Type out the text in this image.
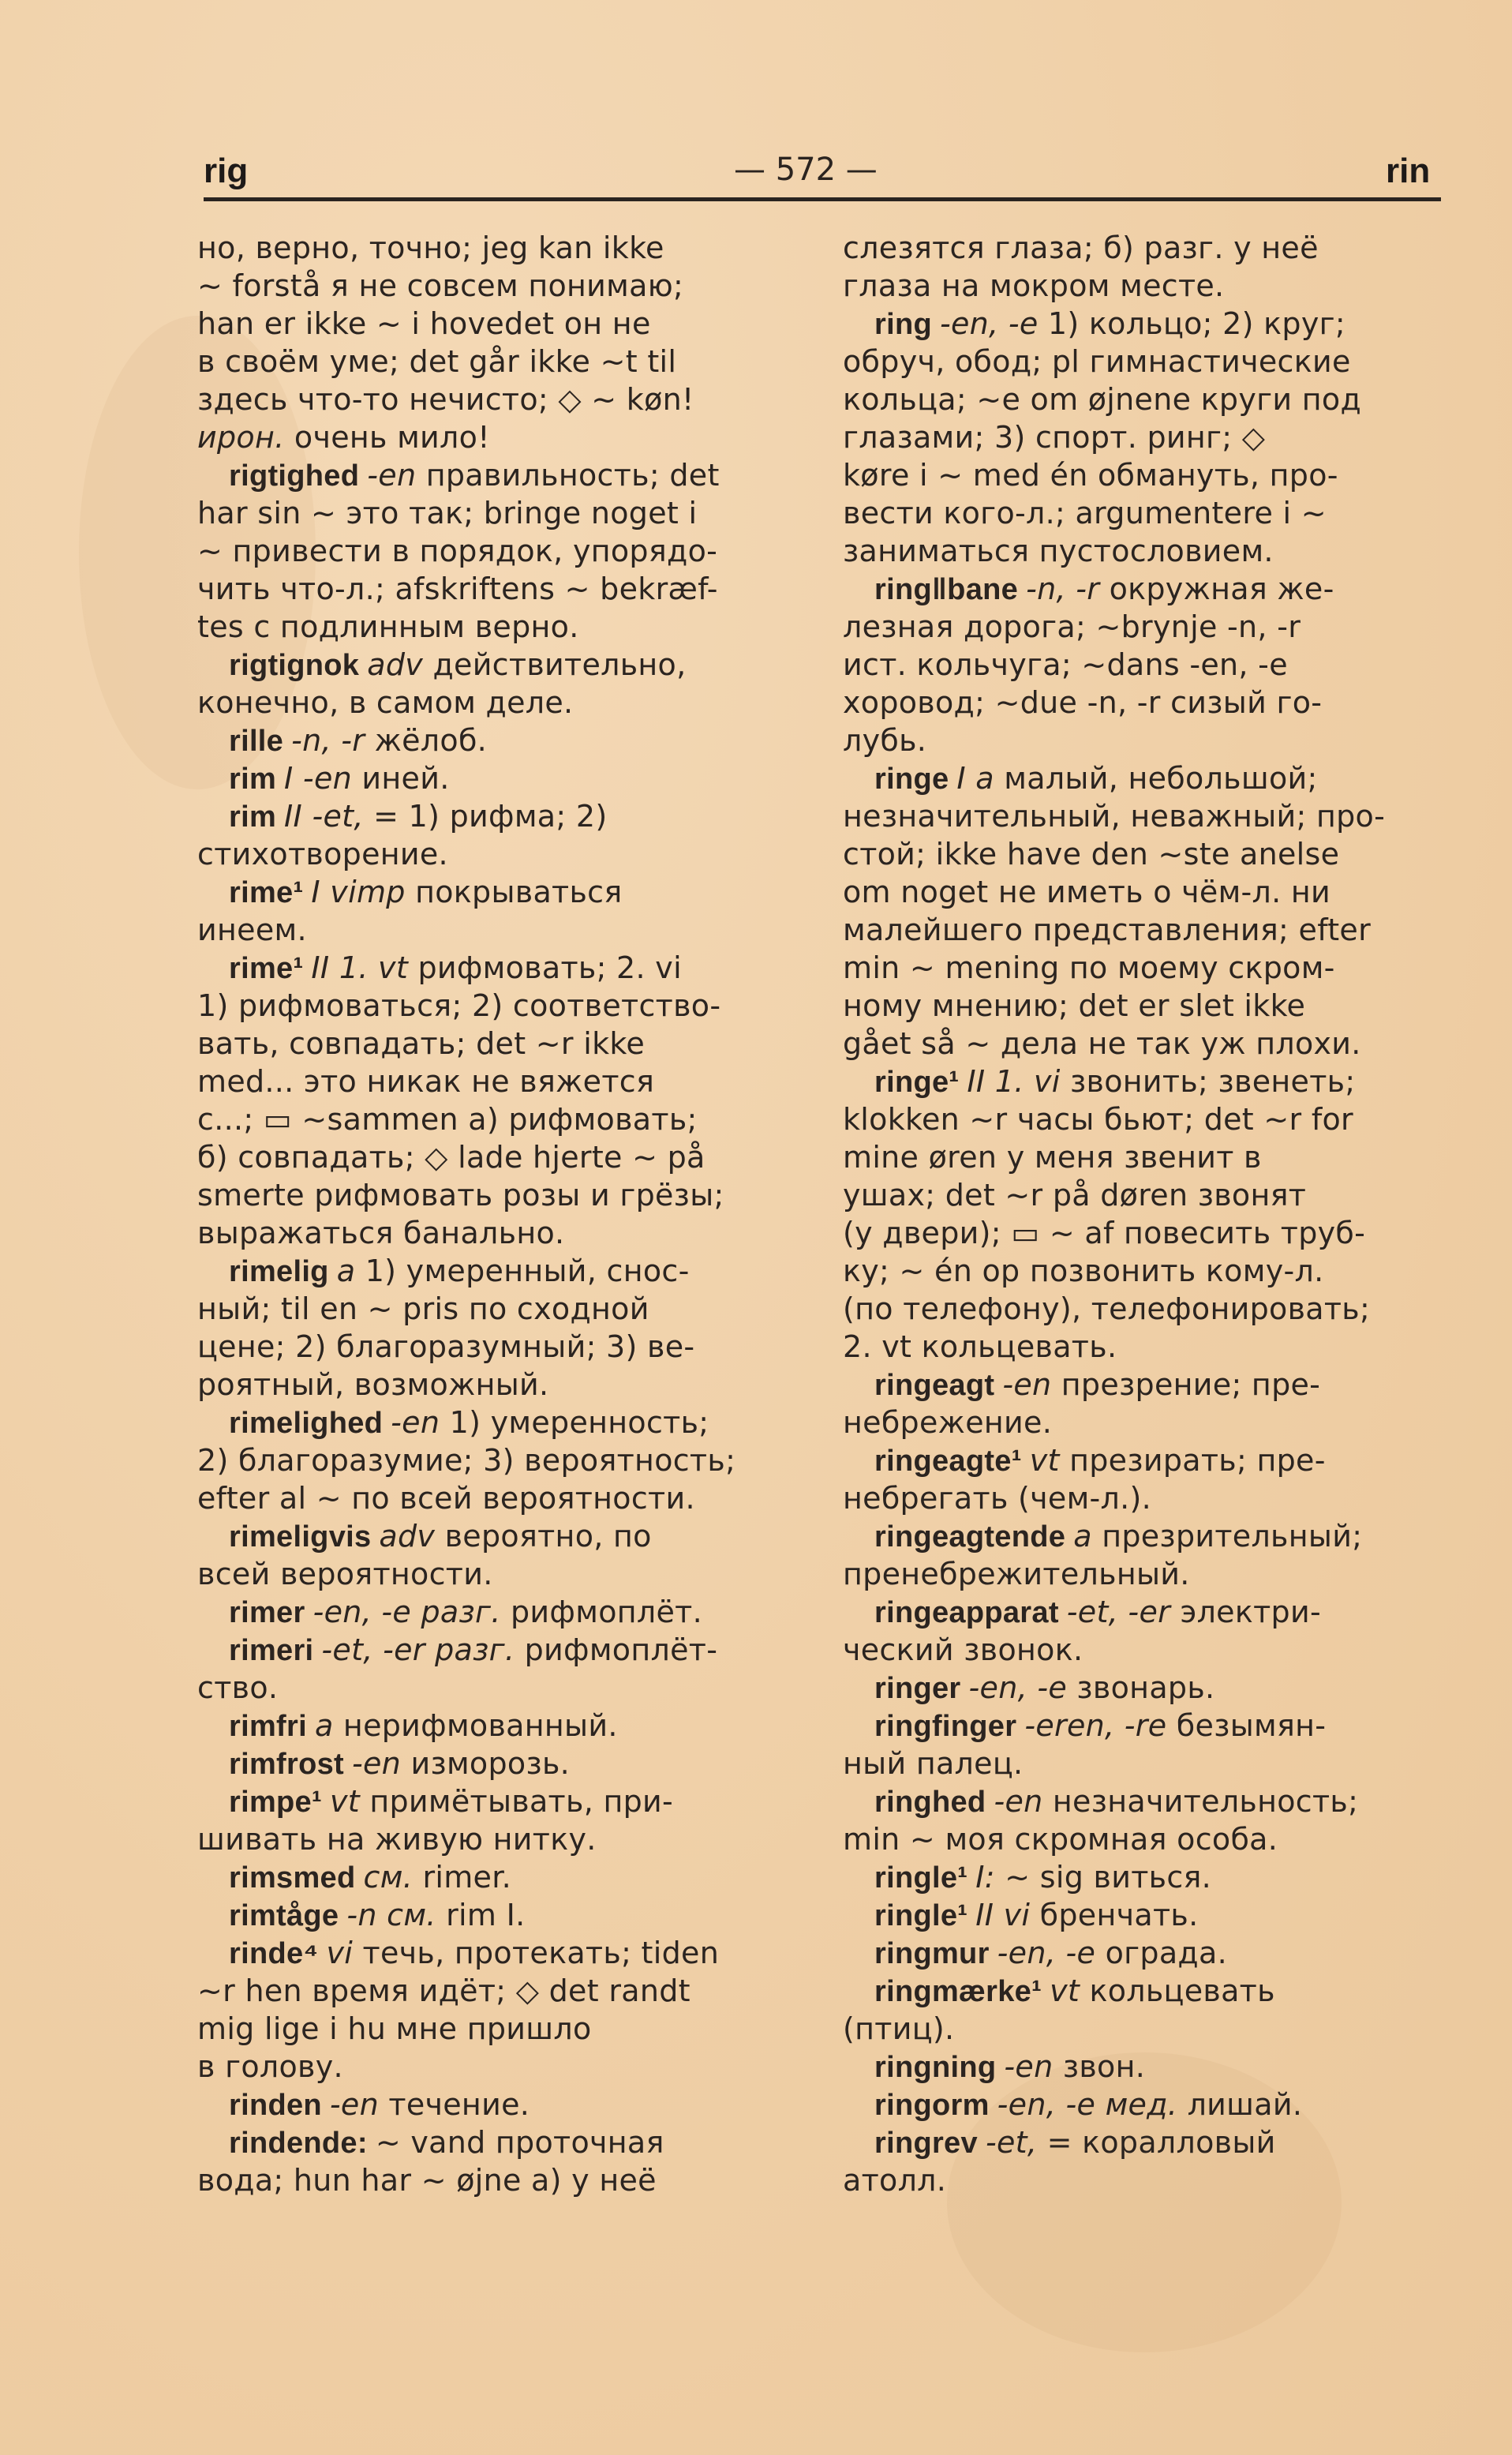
rig	— 572 —	rin
но, верно, точно; jeg kan ikke
~ forstå я не совсем понимаю;
han er ikke ~ i hovedet он не
в своём уме; det går ikke ~t til
здесь что-то нечисто; ◇ ~ køn!
ирон. очень мило!
rigtighed -en правильность; det
har sin ~ это так; bringe noget i
~ привести в порядок, упорядо-
чить что-л.; afskriftens ~ bekræf-
tes с подлинным верно.
rigtignok adv действительно,
конечно, в самом деле.
rille -n, -r жёлоб.
rim I -en иней.
rim II -et, = 1) рифма; 2)
стихотворение.
rime¹ I vimp покрываться
инеем.
rime¹ II 1. vt рифмовать; 2. vi
1) рифмоваться; 2) соответство-
вать, совпадать; det ~r ikke
med... это никак не вяжется
с...; ▭ ~sammen а) рифмовать;
б) совпадать; ◇ lade hjerte ~ på
smerte рифмовать розы и грёзы;
выражаться банально.
rimelig a 1) умеренный, снос-
ный; til en ~ pris по сходной
цене; 2) благоразумный; 3) ве-
роятный, возможный.
rimelighed -en 1) умеренность;
2) благоразумие; 3) вероятность;
efter al ~ по всей вероятности.
rimeligvis adv вероятно, по
всей вероятности.
rimer -en, -e разг. рифмоплёт.
rimeri -et, -er разг. рифмоплёт-
ство.
rimfri a нерифмованный.
rimfrost -en изморозь.
rimpe¹ vt примётывать, при-
шивать на живую нитку.
rimsmed см. rimer.
rimtåge -n см. rim I.
rinde⁴ vi течь, протекать; tiden
~r hen время идёт; ◇ det randt
mig lige i hu мне пришло
в голову.
rinden -en течение.
rindende: ~ vand проточная
вода; hun har ~ øjne а) у неё
слезятся глаза; б) разг. у неё
глаза на мокром месте.
ring -en, -e 1) кольцо; 2) круг;
обруч, обод; pl гимнастические
кольца; ~e om øjnene круги под
глазами; 3) спорт. ринг; ◇
køre i ~ med én обмануть, про-
вести кого-л.; argumentere i ~
заниматься пустословием.
ring‖bane -n, -r окружная же-
лезная дорога; ~brynje -n, -r
ист. кольчуга; ~dans -en, -e
хоровод; ~due -n, -r сизый го-
лубь.
ringe I a малый, небольшой;
незначительный, неважный; про-
стой; ikke have den ~ste anelse
om noget не иметь о чём-л. ни
малейшего представления; efter
min ~ mening по моему скром-
ному мнению; det er slet ikke
gået så ~ дела не так уж плохи.
ringe¹ II 1. vi звонить; звенеть;
klokken ~r часы бьют; det ~r for
mine øren у меня звенит в
ушах; det ~r på døren звонят
(у двери); ▭ ~ af повесить труб-
ку; ~ én op позвонить кому-л.
(по телефону), телефонировать;
2. vt кольцевать.
ringeagt -en презрение; пре-
небрежение.
ringeagte¹ vt презирать; пре-
небрегать (чем-л.).
ringeagtende a презрительный;
пренебрежительный.
ringeapparat -et, -er электри-
ческий звонок.
ringer -en, -e звонарь.
ringfinger -eren, -re безымян-
ный палец.
ringhed -en незначительность;
min ~ моя скромная особа.
ringle¹ I: ~ sig виться.
ringle¹ II vi бренчать.
ringmur -en, -e ограда.
ringmærke¹ vt кольцевать
(птиц).
ringning -en звон.
ringorm -en, -e мед. лишай.
ringrev -et, = коралловый
атолл.
